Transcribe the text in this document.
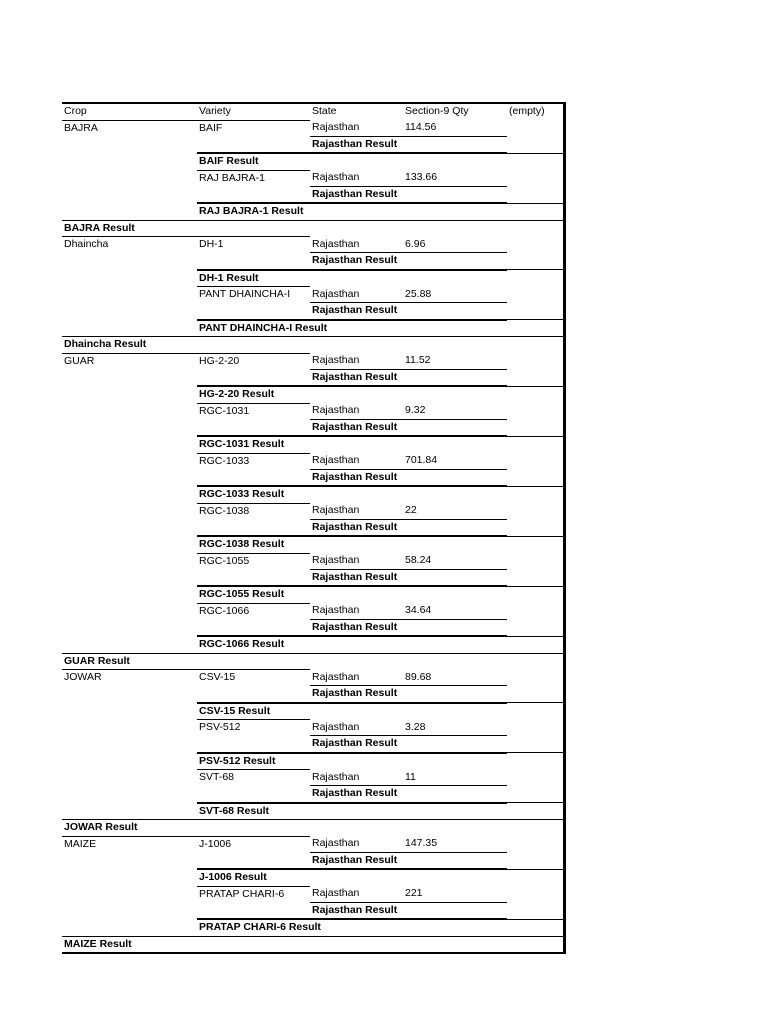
Crop	Variety	State	Section-9 Qty	(empty)
BAJRA	BAIF	Rajasthan	114.56	
		Rajasthan Result		
	BAIF Result			
	RAJ BAJRA-1	Rajasthan	133.66	
		Rajasthan Result		
	RAJ BAJRA-1 Result			
BAJRA Result				
Dhaincha	DH-1	Rajasthan	6.96	
		Rajasthan Result		
	DH-1 Result			
	PANT DHAINCHA-I	Rajasthan	25.88	
		Rajasthan Result		
	PANT DHAINCHA-I Result			
Dhaincha Result				
GUAR	HG-2-20	Rajasthan	11.52	
		Rajasthan Result		
	HG-2-20 Result			
	RGC-1031	Rajasthan	9.32	
		Rajasthan Result		
	RGC-1031 Result			
	RGC-1033	Rajasthan	701.84	
		Rajasthan Result		
	RGC-1033 Result			
	RGC-1038	Rajasthan	22	
		Rajasthan Result		
	RGC-1038 Result			
	RGC-1055	Rajasthan	58.24	
		Rajasthan Result		
	RGC-1055 Result			
	RGC-1066	Rajasthan	34.64	
		Rajasthan Result		
	RGC-1066 Result			
GUAR Result				
JOWAR	CSV-15	Rajasthan	89.68	
		Rajasthan Result		
	CSV-15 Result			
	PSV-512	Rajasthan	3.28	
		Rajasthan Result		
	PSV-512 Result			
	SVT-68	Rajasthan	11	
		Rajasthan Result		
	SVT-68 Result			
JOWAR Result				
MAIZE	J-1006	Rajasthan	147.35	
		Rajasthan Result		
	J-1006 Result			
	PRATAP CHARI-6	Rajasthan	221	
		Rajasthan Result		
	PRATAP CHARI-6 Result			
MAIZE Result				
